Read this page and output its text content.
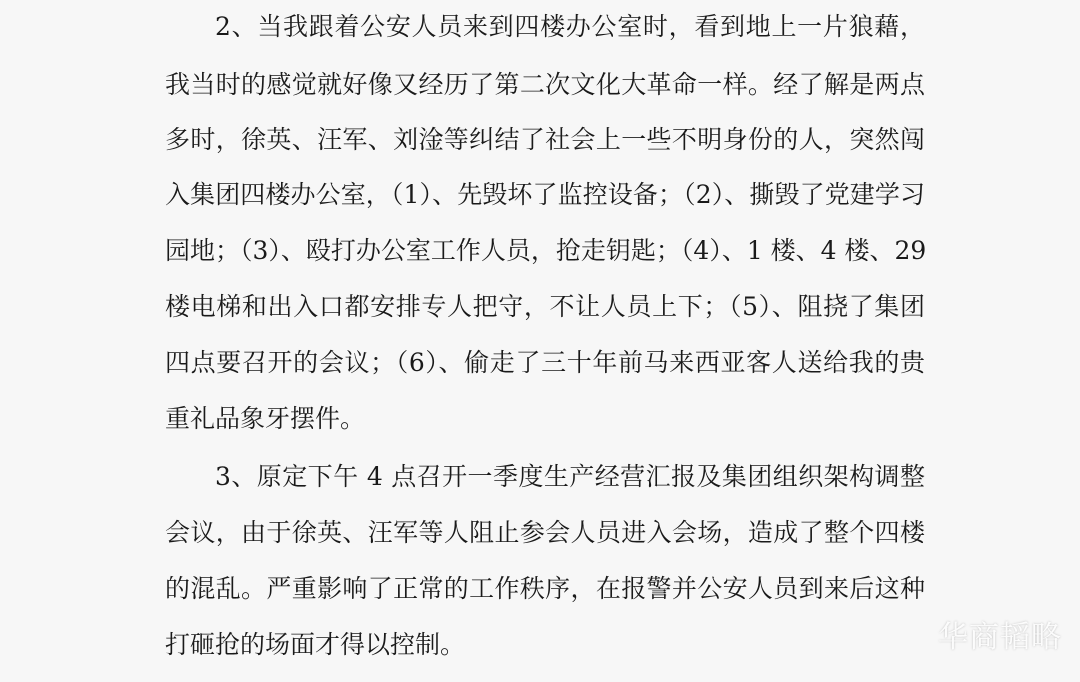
2、当我跟着公安人员来到四楼办公室时，看到地上一片狼藉，
我当时的感觉就好像又经历了第二次文化大革命一样。经了解是两点
多时，徐英、汪军、刘淦等纠结了社会上一些不明身份的人，突然闯
入集团四楼办公室，（1）、先毁坏了监控设备；（2）、撕毁了党建学习
园地；（3）、殴打办公室工作人员，抢走钥匙；（4）、1 楼、4 楼、29
楼电梯和出入口都安排专人把守，不让人员上下；（5）、阻挠了集团
四点要召开的会议；（6）、偷走了三十年前马来西亚客人送给我的贵
重礼品象牙摆件。
3、原定下午 4 点召开一季度生产经营汇报及集团组织架构调整
会议，由于徐英、汪军等人阻止参会人员进入会场，造成了整个四楼
的混乱。严重影响了正常的工作秩序，在报警并公安人员到来后这种
打砸抢的场面才得以控制。	华商韬略
